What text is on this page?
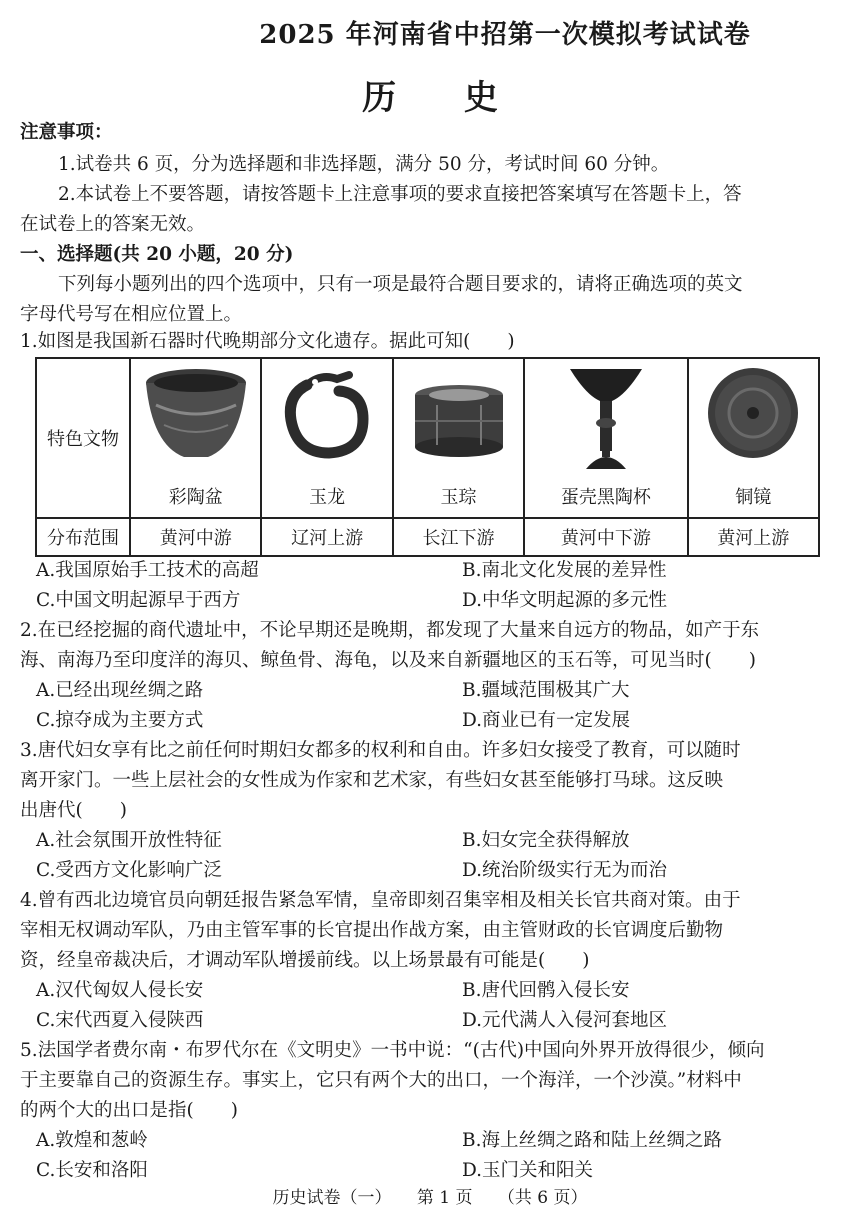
2025 年河南省中招第一次模拟考试试卷
历 史
注意事项：
1.试卷共 6 页，分为选择题和非选择题，满分 50 分，考试时间 60 分钟。
2.本试卷上不要答题，请按答题卡上注意事项的要求直接把答案填写在答题卡上，答
在试卷上的答案无效。
一、选择题(共 20 小题，20 分)
下列每小题列出的四个选项中，只有一项是最符合题目要求的，请将正确选项的英文
字母代号写在相应位置上。
1.如图是我国新石器时代晚期部分文化遗存。据此可知(　　)
特色文物	彩陶盆	玉龙	玉琮	蛋壳黑陶杯	铜镜

分布范围	黄河中游	辽河上游	长江下游	黄河中下游	黄河上游
A.我国原始手工技术的高超	B.南北文化发展的差异性
C.中国文明起源早于西方	D.中华文明起源的多元性
2.在已经挖掘的商代遗址中，不论早期还是晚期，都发现了大量来自远方的物品，如产于东
海、南海乃至印度洋的海贝、鲸鱼骨、海龟，以及来自新疆地区的玉石等，可见当时(　　)
A.已经出现丝绸之路	B.疆域范围极其广大
C.掠夺成为主要方式	D.商业已有一定发展
3.唐代妇女享有比之前任何时期妇女都多的权利和自由。许多妇女接受了教育，可以随时
离开家门。一些上层社会的女性成为作家和艺术家，有些妇女甚至能够打马球。这反映
出唐代(　　)
A.社会氛围开放性特征	B.妇女完全获得解放
C.受西方文化影响广泛	D.统治阶级实行无为而治
4.曾有西北边境官员向朝廷报告紧急军情，皇帝即刻召集宰相及相关长官共商对策。由于
宰相无权调动军队，乃由主管军事的长官提出作战方案，由主管财政的长官调度后勤物
资，经皇帝裁决后，才调动军队增援前线。以上场景最有可能是(　　)
A.汉代匈奴人侵长安	B.唐代回鹘入侵长安
C.宋代西夏入侵陕西	D.元代满人入侵河套地区
5.法国学者费尔南・布罗代尔在《文明史》一书中说：“(古代)中国向外界开放得很少，倾向
于主要靠自己的资源生存。事实上，它只有两个大的出口，一个海洋，一个沙漠。”材料中
的两个大的出口是指(　　)
A.敦煌和葱岭	B.海上丝绸之路和陆上丝绸之路
C.长安和洛阳	D.玉门关和阳关
历史试卷（一） 第 1 页 （共 6 页）
